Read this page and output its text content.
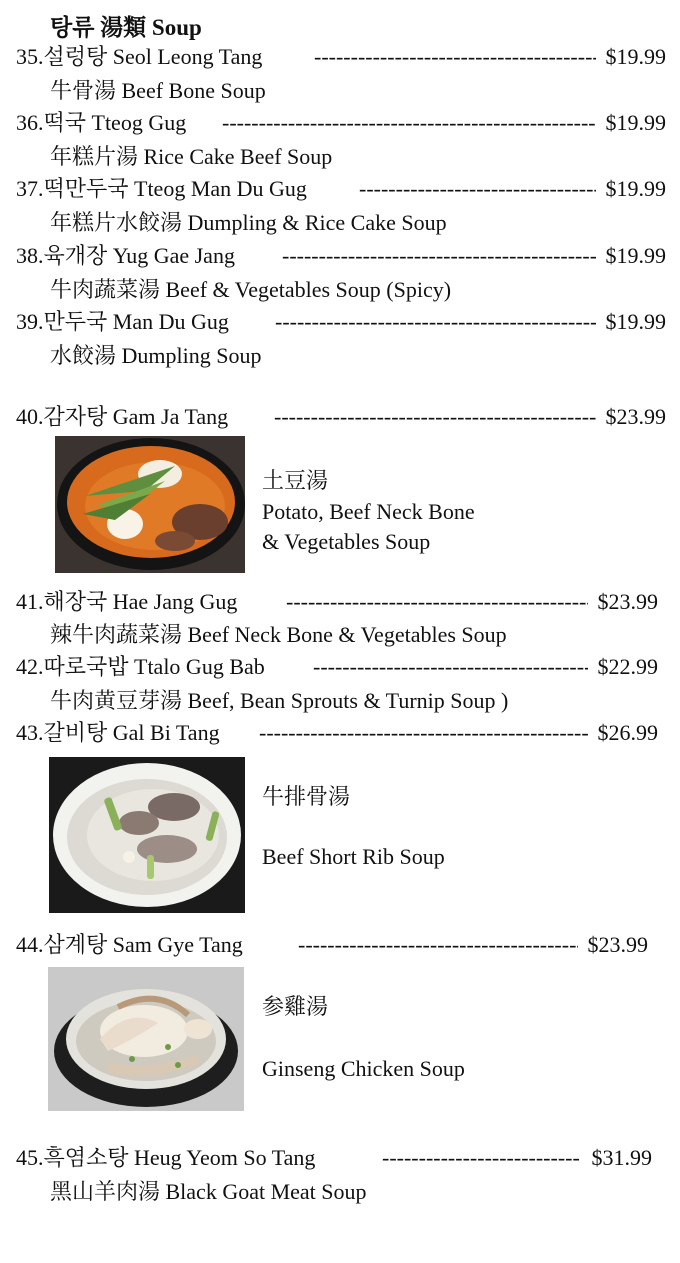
탕류 湯類 Soup
35.설렁탕 Seol Leong Tang -----	$19.99
牛骨湯 Beef Bone Soup
36.떡국 Tteog Gug -----	$19.99
年糕片湯 Rice Cake Beef Soup
37.떡만두국 Tteog Man Du Gug -----	$19.99
年糕片水餃湯 Dumpling & Rice Cake Soup
38.육개장 Yug Gae Jang -----	$19.99
牛肉蔬菜湯 Beef & Vegetables Soup (Spicy)
39.만두국 Man Du Gug -----	$19.99
水餃湯 Dumpling Soup
40.감자탕 Gam Ja Tang -----	$23.99
土豆湯
Potato, Beef Neck Bone
& Vegetables Soup
41.해장국 Hae Jang Gug -----	$23.99
辣牛肉蔬菜湯 Beef Neck Bone & Vegetables Soup
42.따로국밥 Ttalo Gug Bab -----	$22.99
牛肉黄豆芽湯 Beef, Bean Sprouts & Turnip Soup )
43.갈비탕 Gal Bi Tang -----	$26.99
牛排骨湯
Beef Short Rib Soup
44.삼계탕 Sam Gye Tang -----	$23.99
参雞湯
Ginseng Chicken Soup
45.흑염소탕 Heug Yeom So Tang -----	$31.99
黑山羊肉湯 Black Goat Meat Soup
